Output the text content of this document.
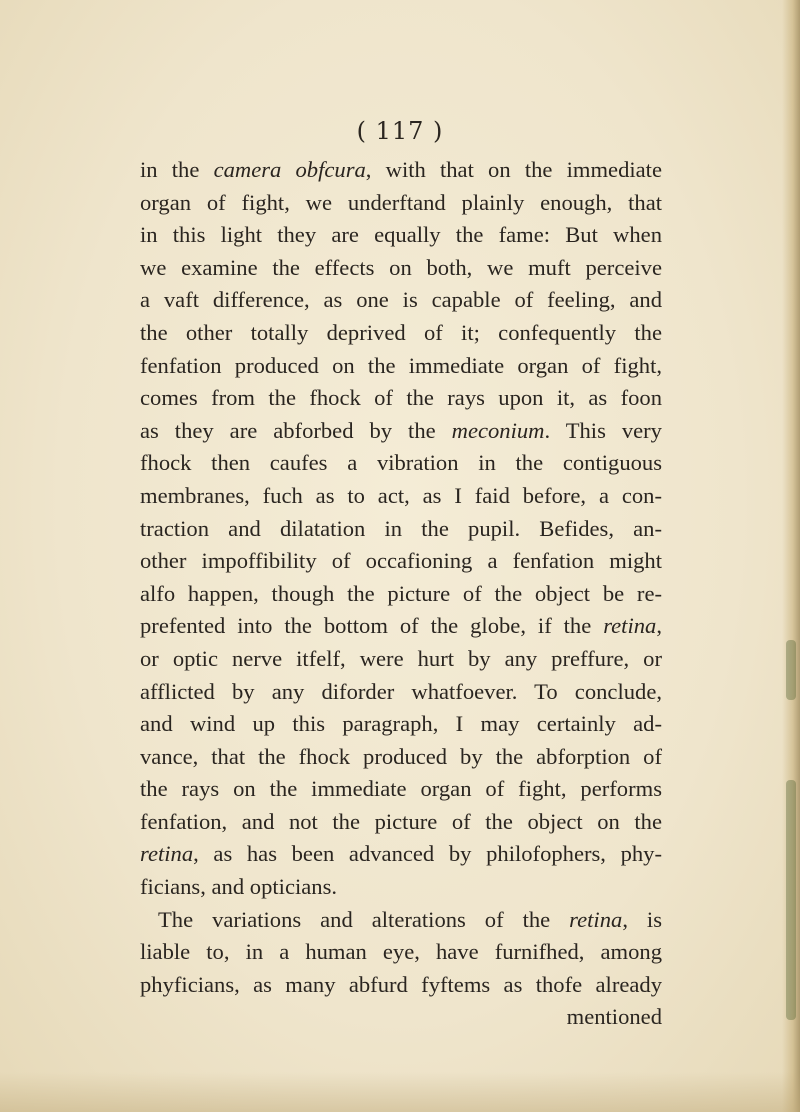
( 117 )
in the camera obfcura, with that on the immediate
organ of fight, we underftand plainly enough, that
in this light they are equally the fame: But when
we examine the effects on both, we muft perceive
a vaft difference, as one is capable of feeling, and
the other totally deprived of it; confequently the
fenfation produced on the immediate organ of fight,
comes from the fhock of the rays upon it, as foon
as they are abforbed by the meconium. This very
fhock then caufes a vibration in the contiguous
membranes, fuch as to act, as I faid before, a con-
traction and dilatation in the pupil. Befides, an-
other impoffibility of occafioning a fenfation might
alfo happen, though the picture of the object be re-
prefented into the bottom of the globe, if the retina,
or optic nerve itfelf, were hurt by any preffure, or
afflicted by any diforder whatfoever. To conclude,
and wind up this paragraph, I may certainly ad-
vance, that the fhock produced by the abforption of
the rays on the immediate organ of fight, performs
fenfation, and not the picture of the object on the
retina, as has been advanced by philofophers, phy-
ficians, and opticians.
The variations and alterations of the retina, is
liable to, in a human eye, have furnifhed, among
phyficians, as many abfurd fyftems as thofe already
mentioned
